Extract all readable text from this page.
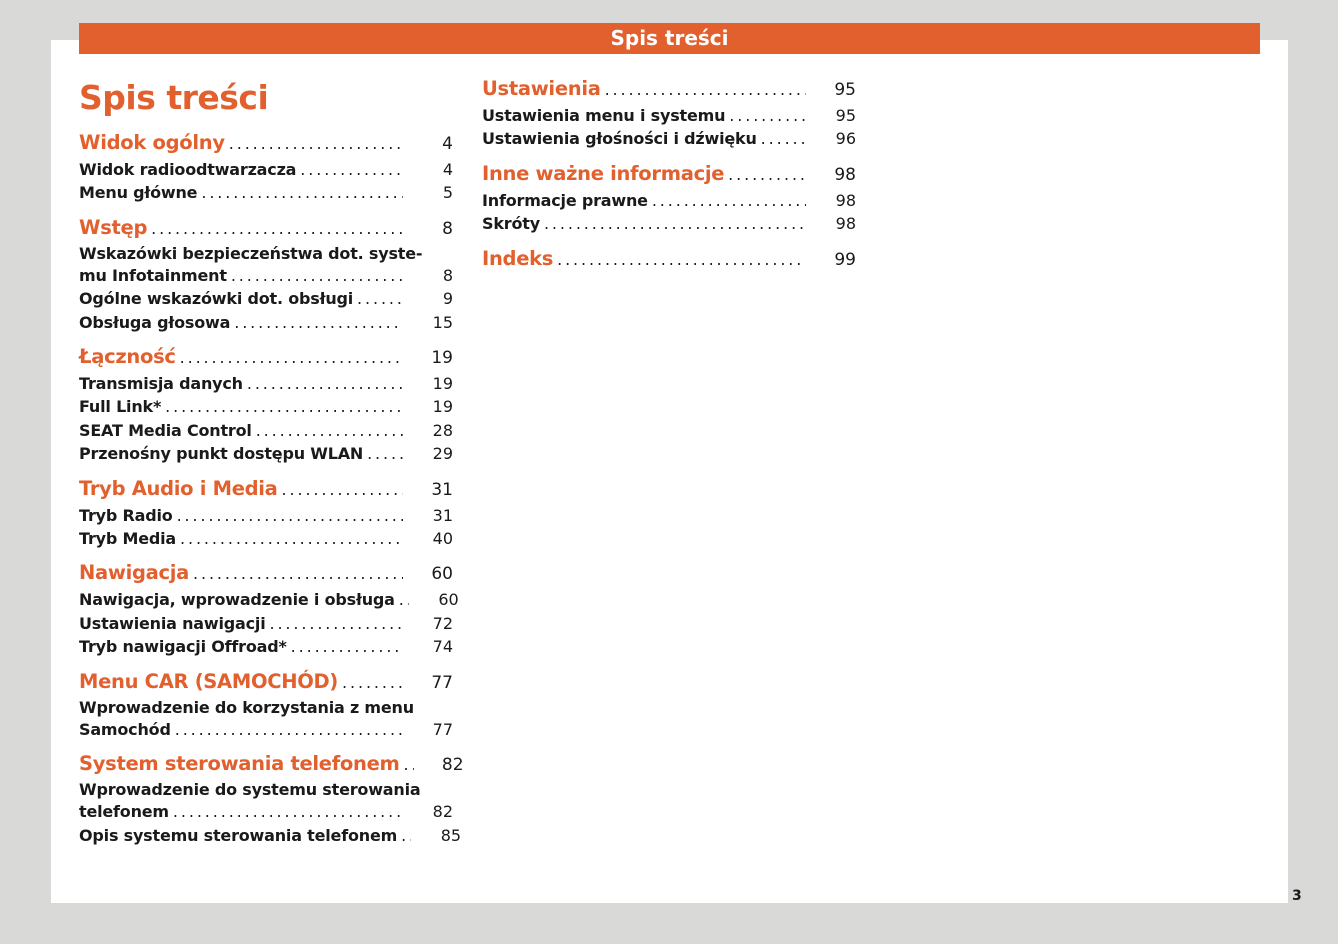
Spis treści
Spis treści
Widok ogólny . . .	4
Widok radioodtwarzacza . . .	4
Menu główne . . .	5
Wstęp . . .	8
Wskazówki bezpieczeństwa dot. syste-
mu Infotainment . . .	8
Ogólne wskazówki dot. obsługi . . .	9
Obsługa głosowa . . .	15
Łączność . . .	19
Transmisja danych . . .	19
Full Link* . . .	19
SEAT Media Control . . .	28
Przenośny punkt dostępu WLAN . . .	29
Tryb Audio i Media . . .	31
Tryb Radio . . .	31
Tryb Media . . .	40
Nawigacja . . .	60
Nawigacja, wprowadzenie i obsługa . . .	60
Ustawienia nawigacji . . .	72
Tryb nawigacji Offroad* . . .	74
Menu CAR (SAMOCHÓD) . . .	77
Wprowadzenie do korzystania z menu
Samochód . . .	77
System sterowania telefonem . . .	82
Wprowadzenie do systemu sterowania
telefonem . . .	82
Opis systemu sterowania telefonem . . .	85
Ustawienia . . .	95
Ustawienia menu i systemu . . .	95
Ustawienia głośności i dźwięku . . .	96
Inne ważne informacje . . .	98
Informacje prawne . . .	98
Skróty . . .	98
Indeks . . .	99
3
